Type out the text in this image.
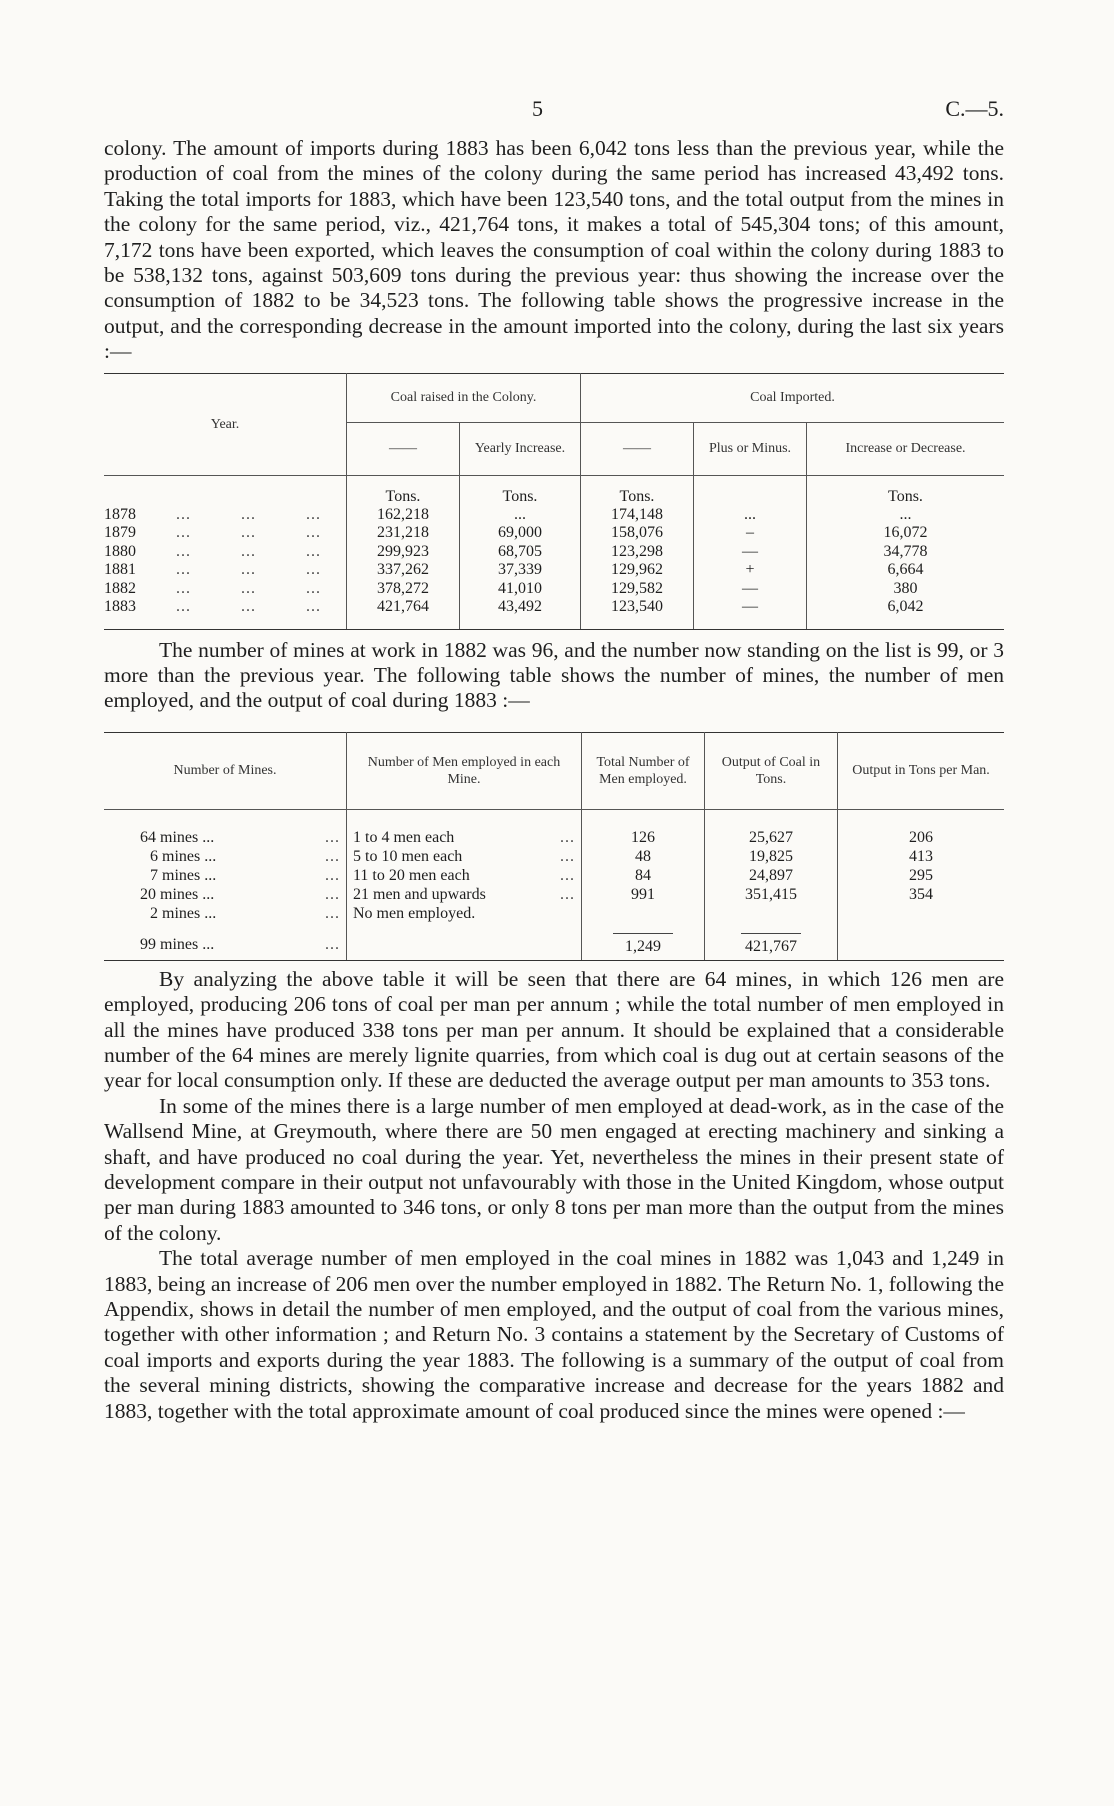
5	C.—5.

colony. The amount of imports during 1883 has been 6,042 tons less than the previous year, while the production of coal from the mines of the colony during the same period has increased 43,492 tons. Taking the total imports for 1883, which have been 123,540 tons, and the total output from the mines in the colony for the same period, viz., 421,764 tons, it makes a total of 545,304 tons; of this amount, 7,172 tons have been exported, which leaves the consumption of coal within the colony during 1883 to be 538,132 tons, against 503,609 tons during the previous year: thus showing the increase over the consumption of 1882 to be 34,523 tons. The following table shows the progressive increase in the output, and the corresponding decrease in the amount imported into the colony, during the last six years :—

Year.	Coal raised in the Colony.		Coal Imported.		
	——	Yearly Increase.	——	Plus or Minus.	Increase or Decrease.
	Tons.	Tons.	Tons.		Tons.
1878 ...          ...          ...	162,218	...	174,148	...	...
1879 ...          ...          ...	231,218	69,000	158,076	–	16,072
1880 ...          ...          ...	299,923	68,705	123,298	—	34,778
1881 ...          ...          ...	337,262	37,339	129,962	+	6,664
1882 ...          ...          ...	378,272	41,010	129,582	—	380
1883 ...          ...          ...	421,764	43,492	123,540	—	6,042

The number of mines at work in 1882 was 96, and the number now standing on the list is 99, or 3 more than the previous year. The following table shows the number of mines, the number of men employed, and the output of coal during 1883 :—

Number of Mines.	Number of Men employed in each Mine.	Total Number of Men employed.	Output of Coal in Tons.	Output in Tons per Man.

64 mines ... ...	1 to 4 men each ...	126	25,627	206

6 mines ... ...	5 to 10 men each ...	48	19,825	413

7 mines ... ...	11 to 20 men each ...	84	24,897	295

20 mines ... ...	21 men and upwards ...	991	351,415	354

2 mines ... ...	No men employed.			

99 mines ... ...		1,249	421,767	

By analyzing the above table it will be seen that there are 64 mines, in which 126 men are employed, producing 206 tons of coal per man per annum ; while the total number of men employed in all the mines have produced 338 tons per man per annum. It should be explained that a considerable number of the 64 mines are merely lignite quarries, from which coal is dug out at certain seasons of the year for local consumption only. If these are deducted the average output per man amounts to 353 tons.

In some of the mines there is a large number of men employed at dead-work, as in the case of the Wallsend Mine, at Greymouth, where there are 50 men engaged at erecting machinery and sinking a shaft, and have produced no coal during the year. Yet, nevertheless the mines in their present state of development compare in their output not unfavourably with those in the United Kingdom, whose output per man during 1883 amounted to 346 tons, or only 8 tons per man more than the output from the mines of the colony.

The total average number of men employed in the coal mines in 1882 was 1,043 and 1,249 in 1883, being an increase of 206 men over the number employed in 1882. The Return No. 1, following the Appendix, shows in detail the number of men employed, and the output of coal from the various mines, together with other information ; and Return No. 3 contains a statement by the Secretary of Customs of coal imports and exports during the year 1883. The following is a summary of the output of coal from the several mining districts, showing the comparative increase and decrease for the years 1882 and 1883, together with the total approximate amount of coal produced since the mines were opened :—
